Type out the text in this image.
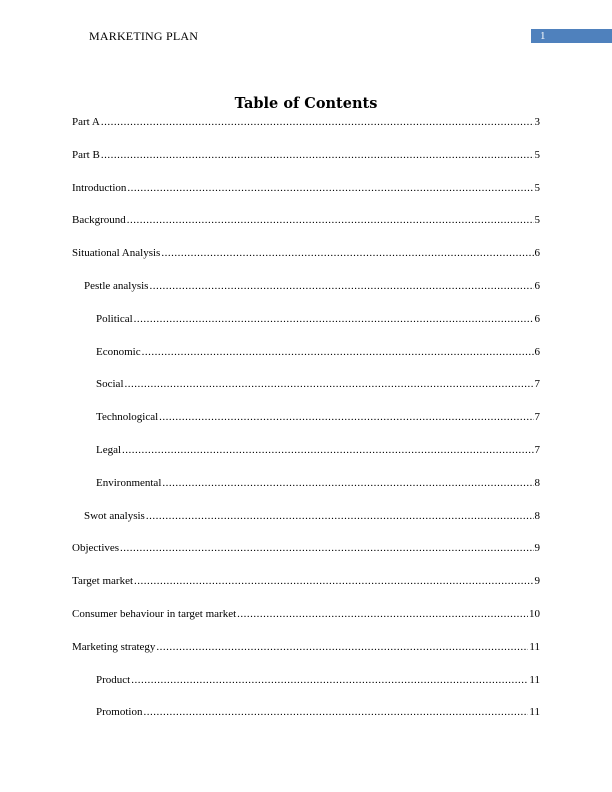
MARKETING PLAN	1
Table of Contents
Part A .....	3
Part B .....	5
Introduction .....	5
Background .....	5
Situational Analysis .....	6
Pestle analysis .....	6
Political .....	6
Economic .....	6
Social .....	7
Technological .....	7
Legal .....	7
Environmental .....	8
Swot analysis .....	8
Objectives .....	9
Target market .....	9
Consumer behaviour in target market .....	10
Marketing strategy .....	11
Product .....	11
Promotion .....	11
